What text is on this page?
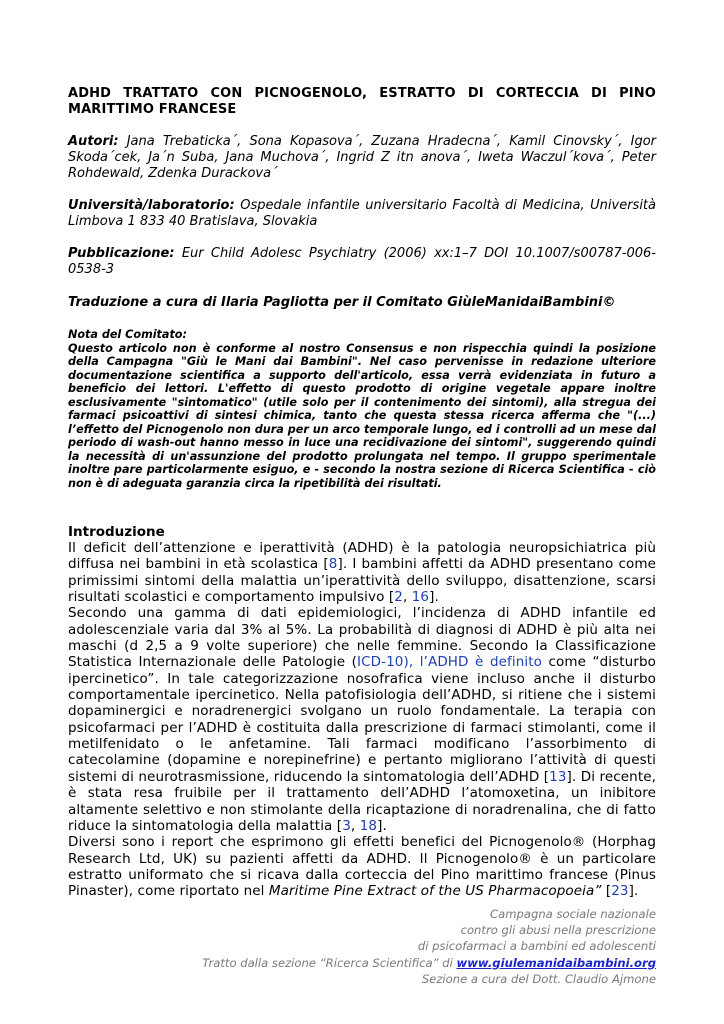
ADHD TRATTATO CON PICNOGENOLO, ESTRATTO DI CORTECCIA DI PINO MARITTIMO FRANCESE
Autori: Jana Trebaticka´, Sona Kopasova´, Zuzana Hradecna´, Kamil Cinovsky´, Igor Skoda´cek, Ja´n Suba, Jana Muchova´, Ingrid Z itn anova´, Iweta Waczul´kova´, Peter Rohdewald, Zdenka Durackova´
Università/laboratorio: Ospedale infantile universitario Facoltà di Medicina, Università Limbova 1 833 40 Bratislava, Slovakia
Pubblicazione: Eur Child Adolesc Psychiatry (2006) xx:1–7 DOI 10.1007/s00787-006-0538-3
Traduzione a cura di Ilaria Pagliotta per il Comitato GiùleManidaiBambini©
Nota del Comitato:
Questo articolo non è conforme al nostro Consensus e non rispecchia quindi la posizione della Campagna "Giù le Mani dai Bambini". Nel caso pervenisse in redazione ulteriore documentazione scientifica a supporto dell'articolo, essa verrà evidenziata in futuro a beneficio dei lettori. L'effetto di questo prodotto di origine vegetale appare inoltre esclusivamente "sintomatico" (utile solo per il contenimento dei sintomi), alla stregua dei farmaci psicoattivi di sintesi chimica, tanto che questa stessa ricerca afferma che "(...) l’effetto del Picnogenolo non dura per un arco temporale lungo, ed i controlli ad un mese dal periodo di wash-out hanno messo in luce una recidivazione dei sintomi", suggerendo quindi la necessità di un'assunzione del prodotto prolungata nel tempo. Il gruppo sperimentale inoltre pare particolarmente esiguo, e - secondo la nostra sezione di Ricerca Scientifica - ciò non è di adeguata garanzia circa la ripetibilità dei risultati.
Introduzione

Il deficit dell’attenzione e iperattività (ADHD) è la patologia neuropsichiatrica più diffusa nei bambini in età scolastica [8]. I bambini affetti da ADHD presentano come primissimi sintomi della malattia un’iperattività dello sviluppo, disattenzione, scarsi risultati scolastici e comportamento impulsivo [2, 16].

Secondo una gamma di dati epidemiologici, l’incidenza di ADHD infantile ed adolescenziale varia dal 3% al 5%. La probabilità di diagnosi di ADHD è più alta nei maschi (d 2,5 a 9 volte superiore) che nelle femmine. Secondo la Classificazione Statistica Internazionale delle Patologie (ICD-10), l’ADHD è definito come “disturbo ipercinetico”. In tale categorizzazione nosofrafica viene incluso anche il disturbo comportamentale ipercinetico. Nella patofisiologia dell’ADHD, si ritiene che i sistemi dopaminergici e noradrenergici svolgano un ruolo fondamentale. La terapia con psicofarmaci per l’ADHD è costituita dalla prescrizione di farmaci stimolanti, come il metilfenidato o le anfetamine. Tali farmaci modificano l’assorbimento di catecolamine (dopamine e norepinefrine) e pertanto migliorano l’attività di questi sistemi di neurotrasmissione, riducendo la sintomatologia dell’ADHD [13]. Di recente, è stata resa fruibile per il trattamento dell’ADHD l’atomoxetina, un inibitore altamente selettivo e non stimolante della ricaptazione di noradrenalina, che di fatto riduce la sintomatologia della malattia [3, 18].

Diversi sono i report che esprimono gli effetti benefici del Picnogenolo® (Horphag Research Ltd, UK) su pazienti affetti da ADHD. Il Picnogenolo® è un particolare estratto uniformato che si ricava dalla corteccia del Pino marittimo francese (Pinus Pinaster), come riportato nel Maritime Pine Extract of the US Pharmacopoeia” [23].

Campagna sociale nazionale
contro gli abusi nella prescrizione
di psicofarmaci a bambini ed adolescenti
Tratto dalla sezione “Ricerca Scientifica” di www.giulemanidaibambini.org
Sezione a cura del Dott. Claudio Ajmone
